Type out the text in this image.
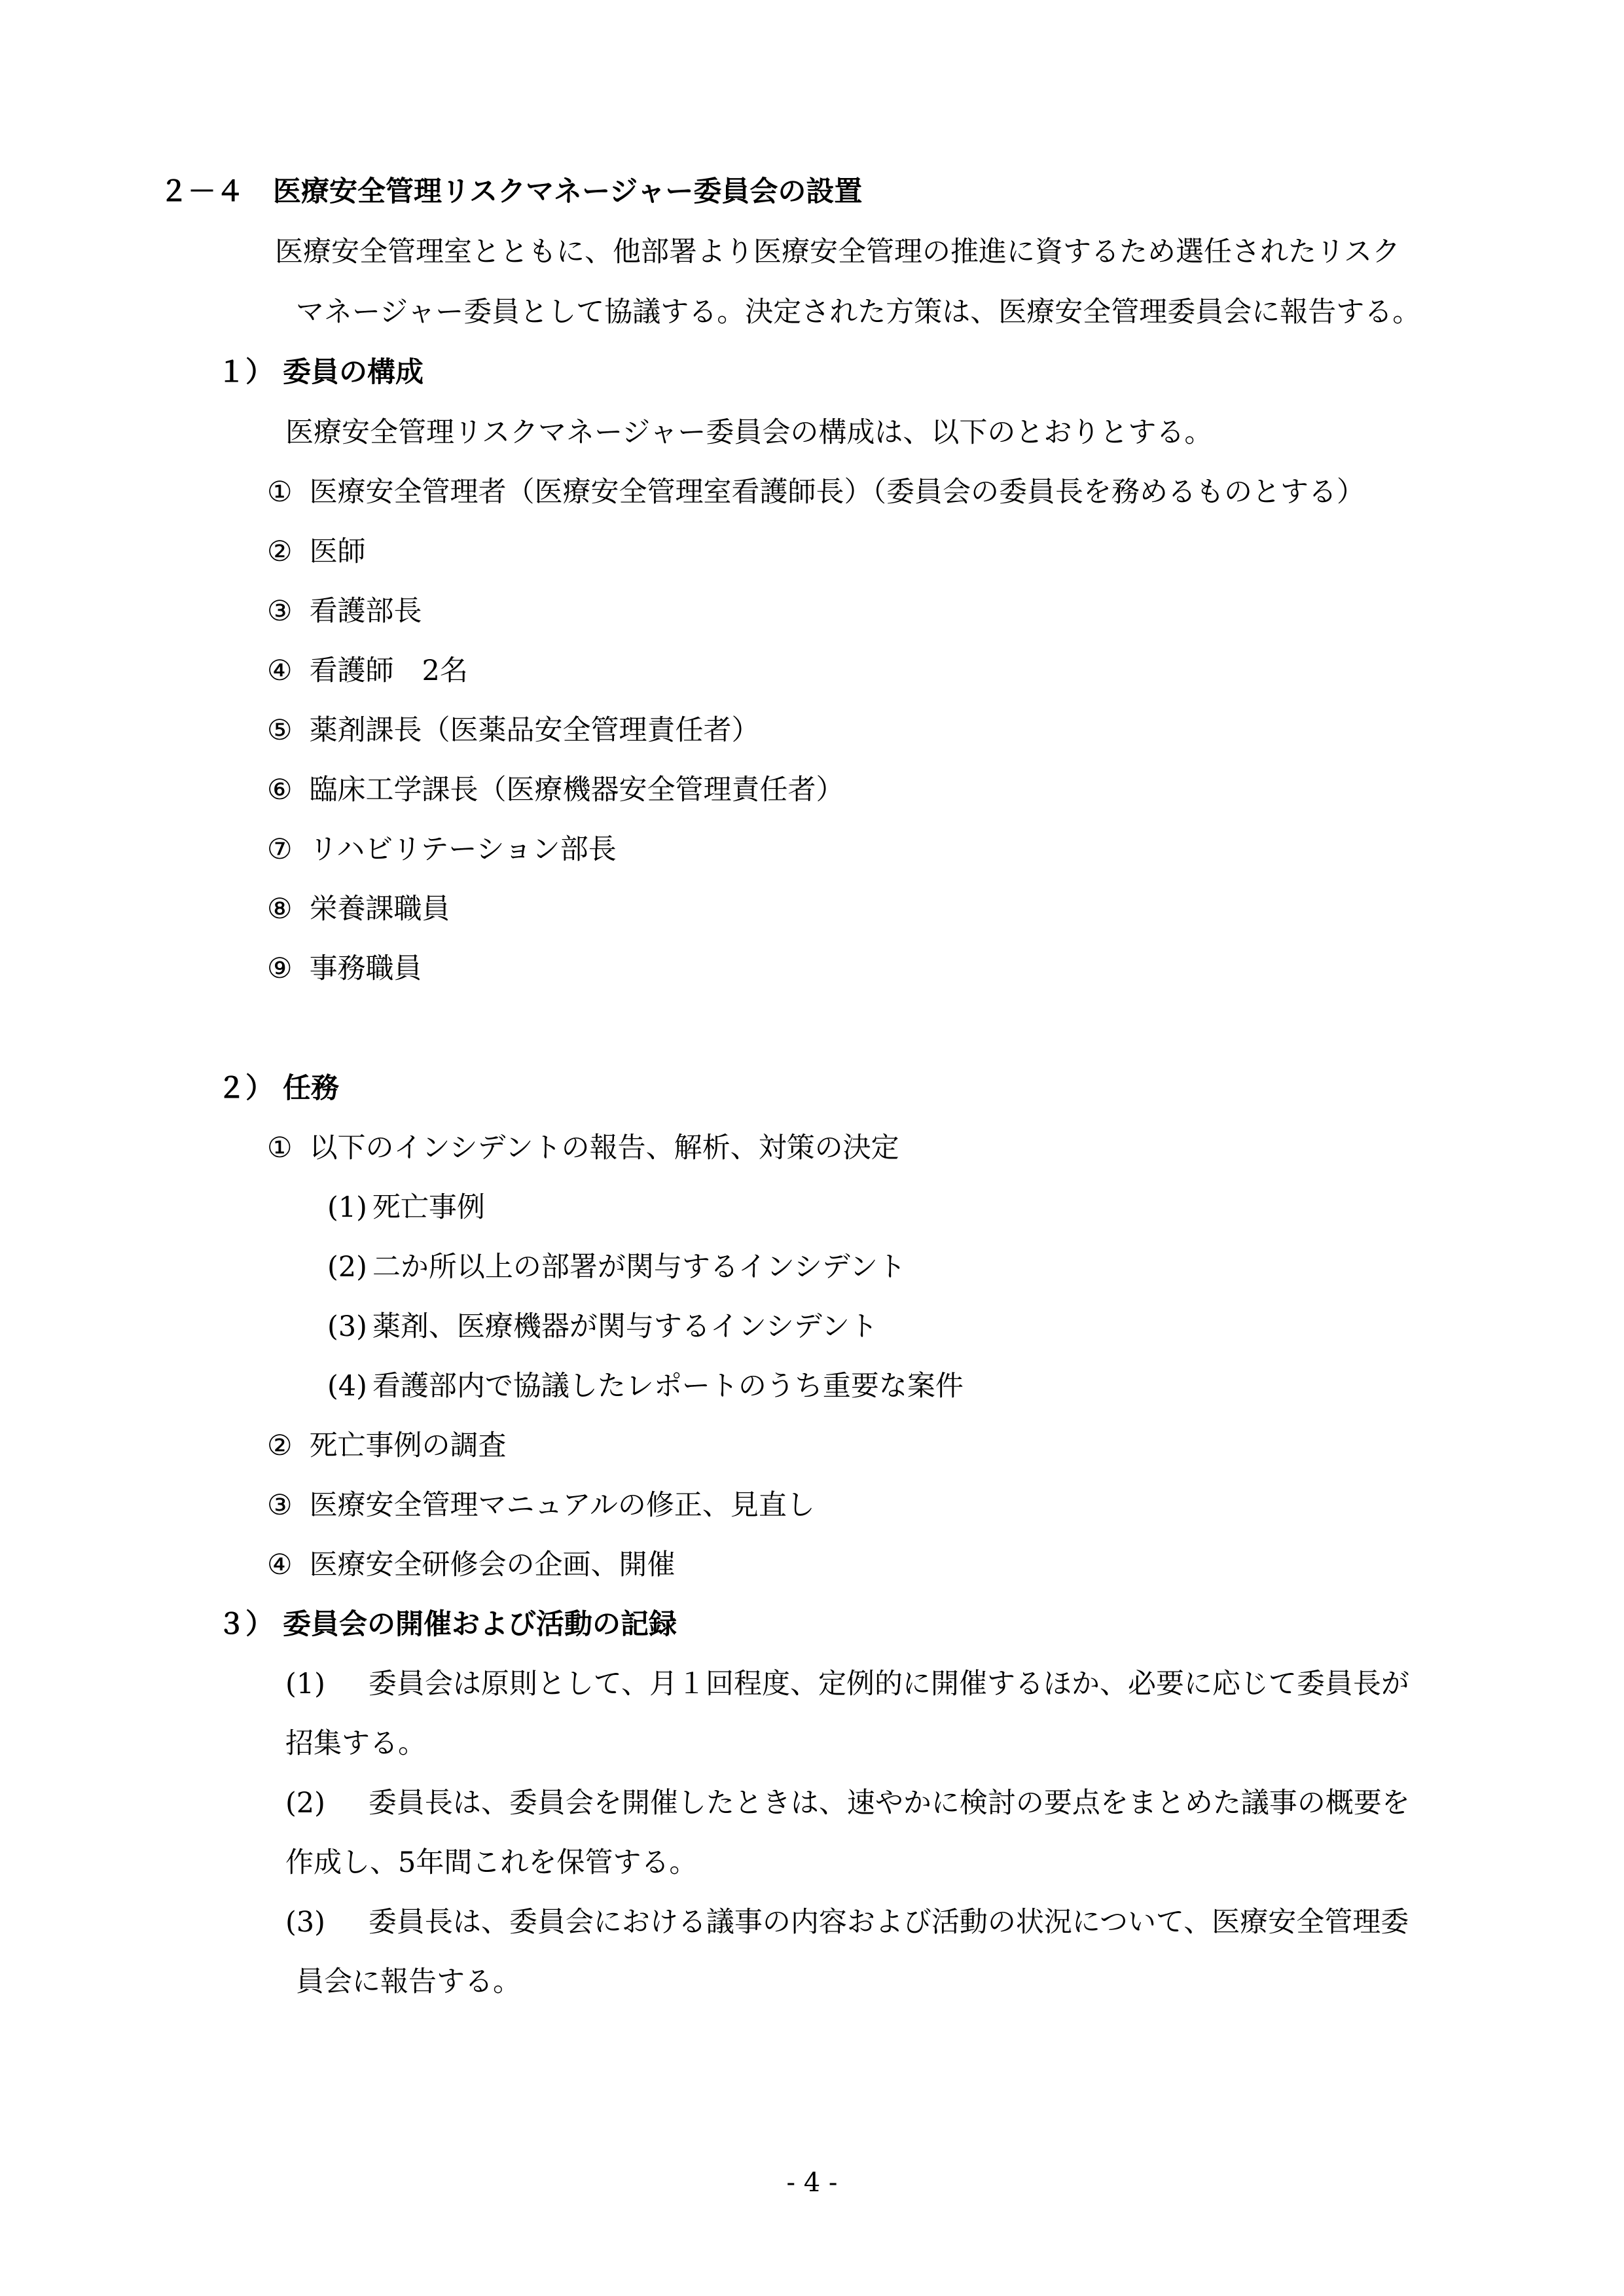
２－４ 医療安全管理リスクマネージャー委員会の設置
医療安全管理室とともに、他部署より医療安全管理の推進に資するため選任されたリスク
マネージャー委員として協議する。決定された方策は、医療安全管理委員会に報告する。
１） 委員の構成
医療安全管理リスクマネージャー委員会の構成は、以下のとおりとする。
① 医療安全管理者（医療安全管理室看護師長）（委員会の委員長を務めるものとする）
② 医師
③ 看護部長
④ 看護師　2名
⑤ 薬剤課長（医薬品安全管理責任者）
⑥ 臨床工学課長（医療機器安全管理責任者）
⑦ リハビリテーション部長
⑧ 栄養課職員
⑨ 事務職員
２） 任務
① 以下のインシデントの報告、解析、対策の決定
(1) 死亡事例
(2) 二か所以上の部署が関与するインシデント
(3) 薬剤、医療機器が関与するインシデント
(4) 看護部内で協議したレポートのうち重要な案件
② 死亡事例の調査
③ 医療安全管理マニュアルの修正、見直し
④ 医療安全研修会の企画、開催
３） 委員会の開催および活動の記録
(1) 委員会は原則として、月１回程度、定例的に開催するほか、必要に応じて委員長が
招集する。
(2) 委員長は、委員会を開催したときは、速やかに検討の要点をまとめた議事の概要を
作成し、5年間これを保管する。
(3) 委員長は、委員会における議事の内容および活動の状況について、医療安全管理委
員会に報告する。
- 4 -
